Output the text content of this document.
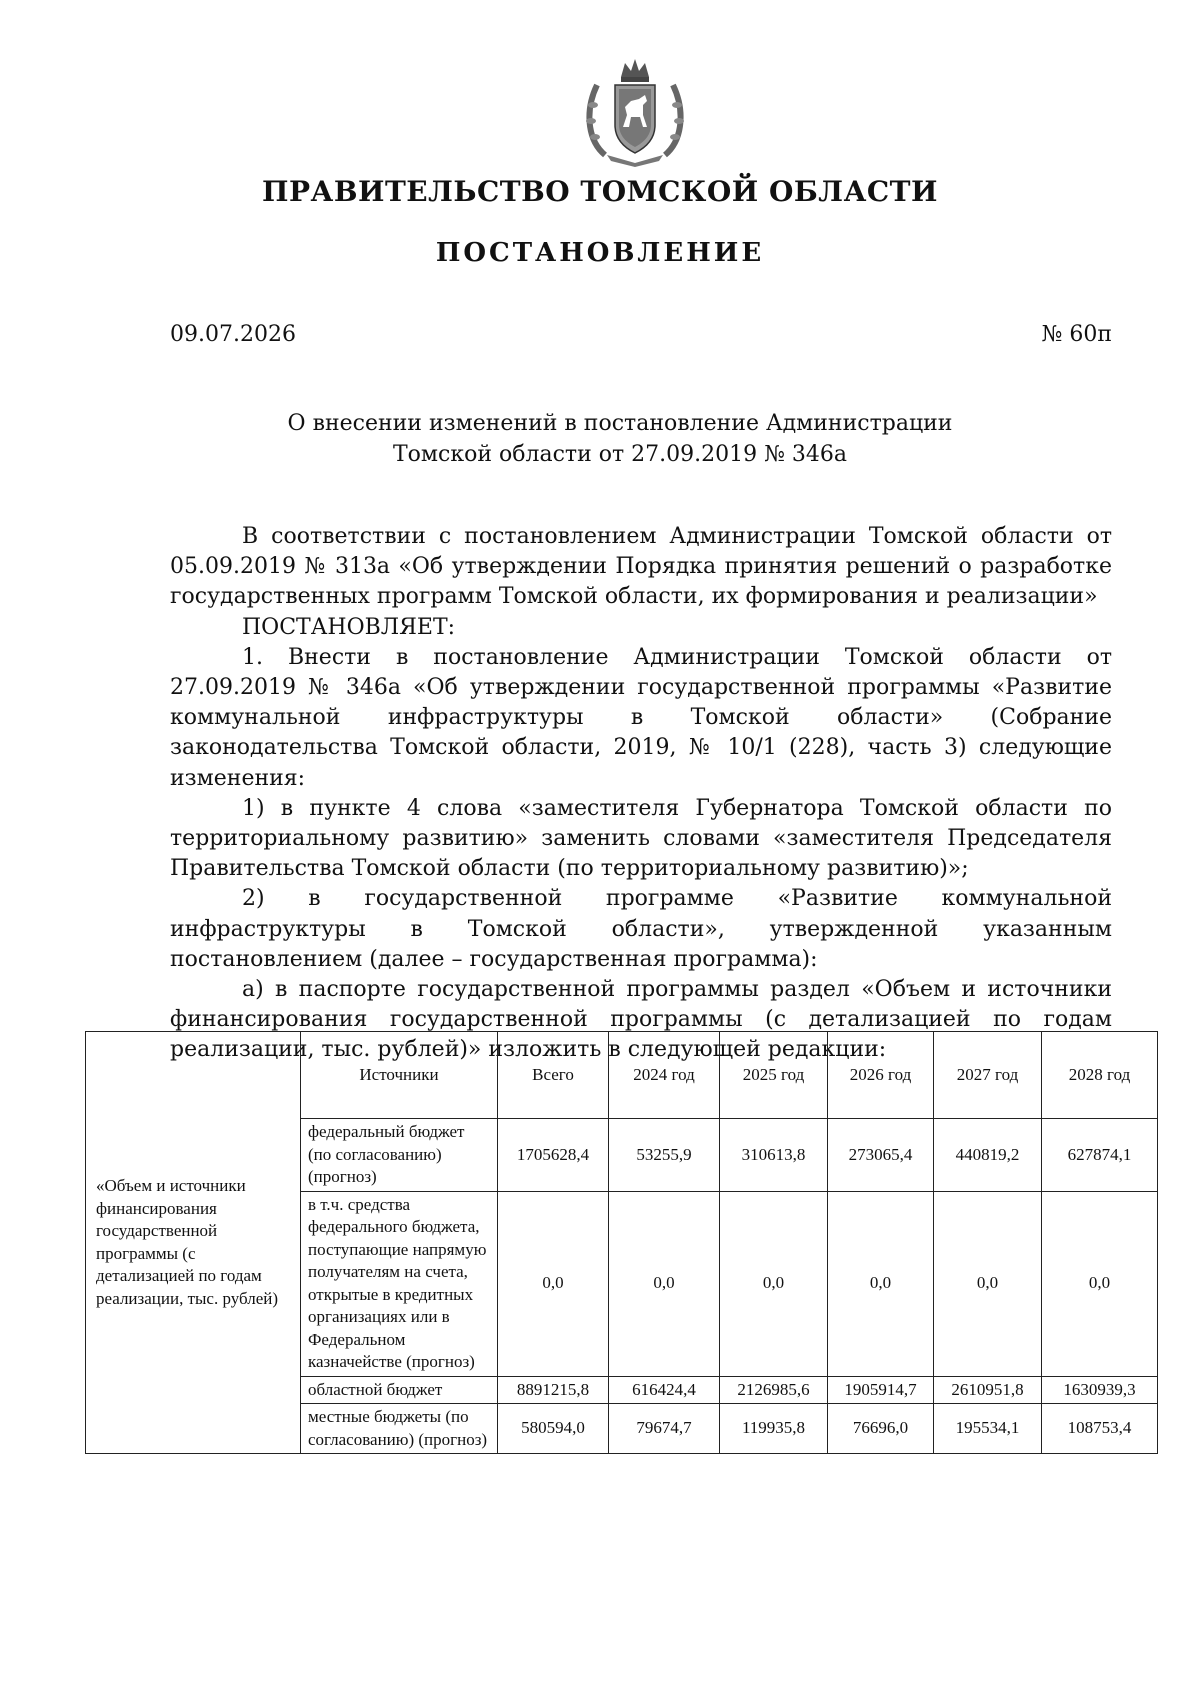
ПРАВИТЕЛЬСТВО ТОМСКОЙ ОБЛАСТИ
ПОСТАНОВЛЕНИЕ
09.07.2026	№ 60п
О внесении изменений в постановление Администрации
Томской области от 27.09.2019 № 346а

В соответствии с постановлением Администрации Томской области от 05.09.2019 № 313а «Об утверждении Порядка принятия решений о разработке государственных программ Томской области, их формирования и реализации»

ПОСТАНОВЛЯЕТ:

1. Внести в постановление Администрации Томской области от 27.09.2019 № 346а «Об утверждении государственной программы «Развитие коммунальной инфраструктуры в Томской области» (Собрание законодательства Томской области, 2019, № 10/1 (228), часть 3) следующие изменения:

1) в пункте 4 слова «заместителя Губернатора Томской области по территориальному развитию» заменить словами «заместителя Председателя Правительства Томской области (по территориальному развитию)»;

2) в государственной программе «Развитие коммунальной инфраструктуры в Томской области», утвержденной указанным постановлением (далее – государственная программа):

а) в паспорте государственной программы раздел «Объем и источники финансирования государственной программы (с детализацией по годам реализации, тыс. рублей)» изложить в следующей редакции:

«Объем и источники финансирования государственной программы (с детализацией по годам реализации, тыс. рублей)	Источники	Всего	2024 год	2025 год	2026 год	2027 год	2028 год
	федеральный бюджет (по согласованию) (прогноз)	1705628,4	53255,9	310613,8	273065,4	440819,2	627874,1
	в т.ч. средства федерального бюджета, поступающие напрямую получателям на счета, открытые в кредитных организациях или в Федеральном казначействе (прогноз)	0,0	0,0	0,0	0,0	0,0	0,0
	областной бюджет	8891215,8	616424,4	2126985,6	1905914,7	2610951,8	1630939,3
	местные бюджеты (по согласованию) (прогноз)	580594,0	79674,7	119935,8	76696,0	195534,1	108753,4
